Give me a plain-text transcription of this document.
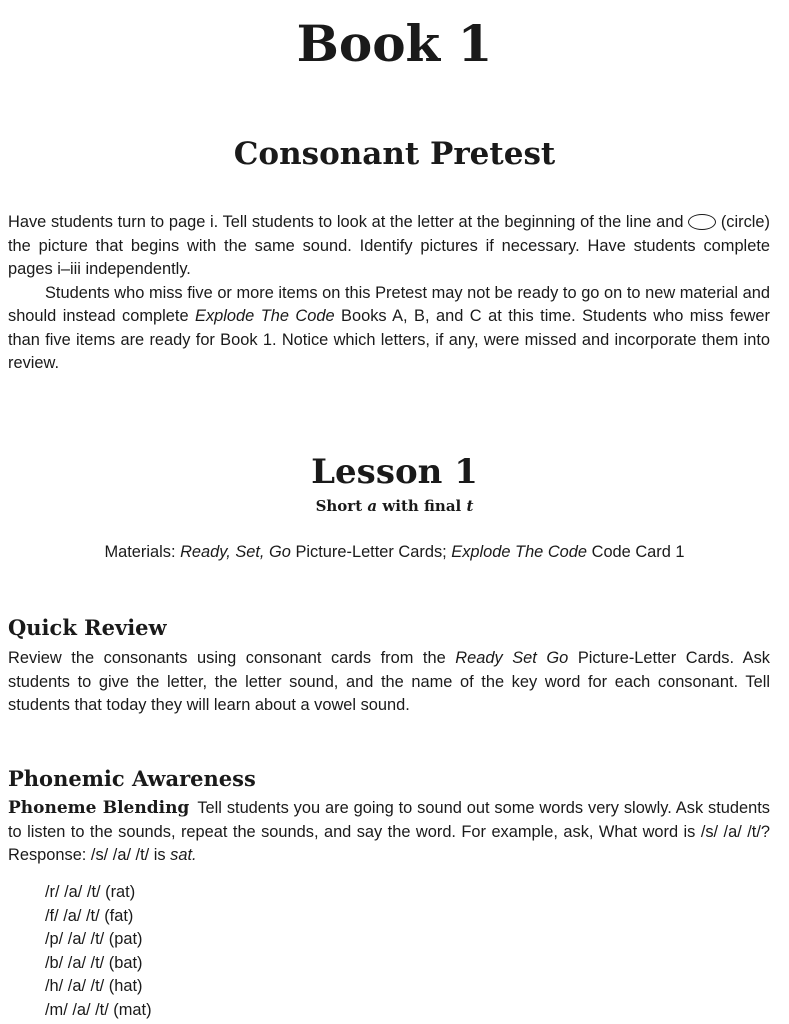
Book 1
Consonant Pretest

Have students turn to page i. Tell students to look at the letter at the beginning of the line and (circle) the picture that begins with the same sound. Identify pictures if necessary. Have students complete pages i–iii independently.

Students who miss five or more items on this Pretest may not be ready to go on to new material and should instead complete Explode The Code Books A, B, and C at this time. Students who miss fewer than five items are ready for Book 1. Notice which letters, if any, were missed and incorporate them into review.

Lesson 1
Short a with final t
Materials: Ready, Set, Go Picture-Letter Cards; Explode The Code Code Card 1
Quick Review

Review the consonants using consonant cards from the Ready Set Go Picture-Letter Cards. Ask students to give the letter, the letter sound, and the name of the key word for each consonant. Tell students that today they will learn about a vowel sound.

Phonemic Awareness

Phoneme Blending Tell students you are going to sound out some words very slowly. Ask students to listen to the sounds, repeat the sounds, and say the word. For example, ask, What word is /s/ /a/ /t/? Response: /s/ /a/ /t/ is sat.

/r/ /a/ /t/ (rat)
/f/ /a/ /t/ (fat)
/p/ /a/ /t/ (pat)
/b/ /a/ /t/ (bat)
/h/ /a/ /t/ (hat)
/m/ /a/ /t/ (mat)
